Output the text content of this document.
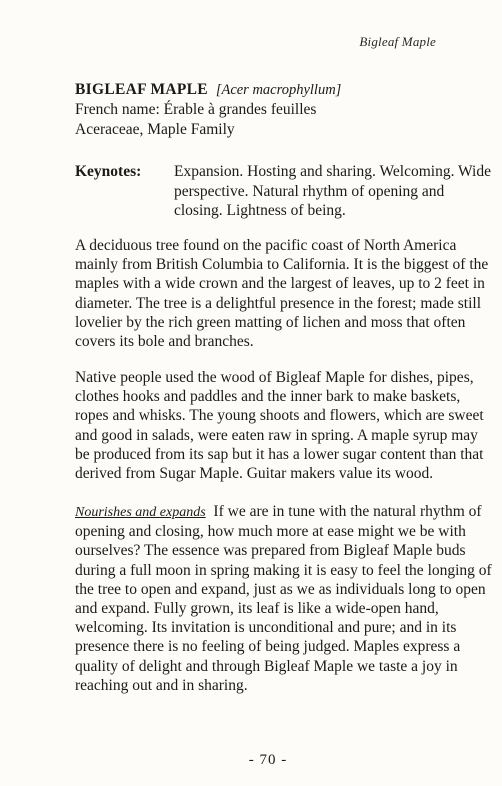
Bigleaf Maple
BIGLEAF MAPLE [Acer macrophyllum]
French name: Érable à grandes feuilles
Aceraceae, Maple Family
Keynotes: Expansion. Hosting and sharing. Welcoming. Wide perspective. Natural rhythm of opening and closing. Lightness of being.

A deciduous tree found on the pacific coast of North America mainly from British Columbia to California. It is the biggest of the maples with a wide crown and the largest of leaves, up to 2 feet in diameter. The tree is a delightful presence in the forest; made still lovelier by the rich green matting of lichen and moss that often covers its bole and branches.

Native people used the wood of Bigleaf Maple for dishes, pipes, clothes hooks and paddles and the inner bark to make baskets, ropes and whisks. The young shoots and flowers, which are sweet and good in salads, were eaten raw in spring. A maple syrup may be produced from its sap but it has a lower sugar content than that derived from Sugar Maple. Guitar makers value its wood.

Nourishes and expands If we are in tune with the natural rhythm of opening and closing, how much more at ease might we be with ourselves? The essence was prepared from Bigleaf Maple buds during a full moon in spring making it is easy to feel the longing of the tree to open and expand, just as we as individuals long to open and expand. Fully grown, its leaf is like a wide-open hand, welcoming. Its invitation is unconditional and pure; and in its presence there is no feeling of being judged. Maples express a quality of delight and through Bigleaf Maple we taste a joy in reaching out and in sharing.

- 70 -
